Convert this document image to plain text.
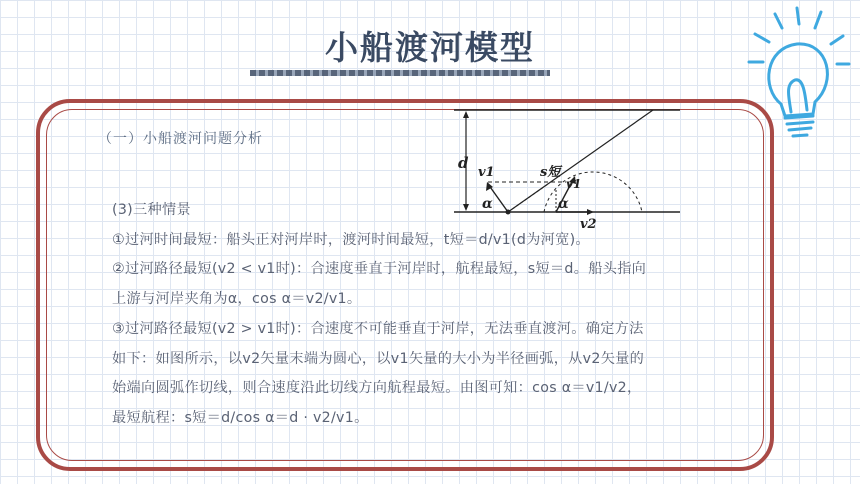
小船渡河模型
（一）小船渡河问题分析
d
v1	s短
v1
α	α
v2
(3)三种情景
①过河时间最短：船头正对河岸时，渡河时间最短，t短＝d/v1(d为河宽)。
②过河路径最短(v2 < v1时)：合速度垂直于河岸时，航程最短，s短＝d。船头指向
上游与河岸夹角为α，cos α＝v2/v1。
③过河路径最短(v2 > v1时)：合速度不可能垂直于河岸，无法垂直渡河。确定方法
如下：如图所示，以v2矢量末端为圆心，以v1矢量的大小为半径画弧，从v2矢量的
始端向圆弧作切线，则合速度沿此切线方向航程最短。由图可知：cos α＝v1/v2，
最短航程：s短＝d/cos α＝d · v2/v1。
